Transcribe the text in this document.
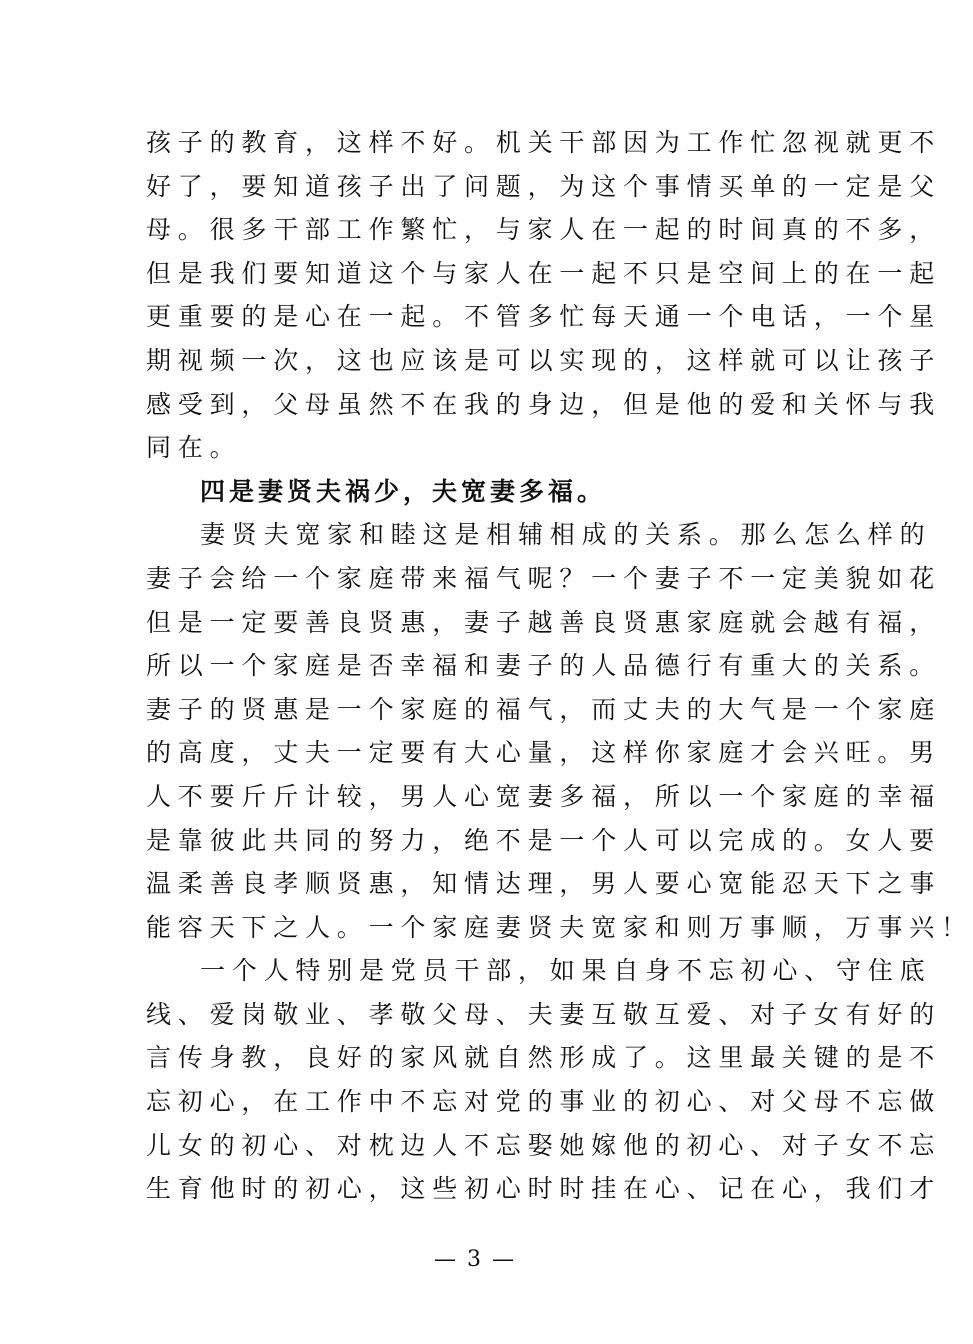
孩子的教育，这样不好。机关干部因为工作忙忽视就更不
好了，要知道孩子出了问题，为这个事情买单的一定是父
母。很多干部工作繁忙，与家人在一起的时间真的不多，
但是我们要知道这个与家人在一起不只是空间上的在一起
更重要的是心在一起。不管多忙每天通一个电话，一个星
期视频一次，这也应该是可以实现的，这样就可以让孩子
感受到，父母虽然不在我的身边，但是他的爱和关怀与我
同在。
四是妻贤夫祸少，夫宽妻多福。
妻贤夫宽家和睦这是相辅相成的关系。那么怎么样的
妻子会给一个家庭带来福气呢？一个妻子不一定美貌如花
但是一定要善良贤惠，妻子越善良贤惠家庭就会越有福，
所以一个家庭是否幸福和妻子的人品德行有重大的关系。
妻子的贤惠是一个家庭的福气，而丈夫的大气是一个家庭
的高度，丈夫一定要有大心量，这样你家庭才会兴旺。男
人不要斤斤计较，男人心宽妻多福，所以一个家庭的幸福
是靠彼此共同的努力，绝不是一个人可以完成的。女人要
温柔善良孝顺贤惠，知情达理，男人要心宽能忍天下之事
能容天下之人。一个家庭妻贤夫宽家和则万事顺，万事兴！
一个人特别是党员干部，如果自身不忘初心、守住底
线、爱岗敬业、孝敬父母、夫妻互敬互爱、对子女有好的
言传身教，良好的家风就自然形成了。这里最关键的是不
忘初心，在工作中不忘对党的事业的初心、对父母不忘做
儿女的初心、对枕边人不忘娶她嫁他的初心、对子女不忘
生育他时的初心，这些初心时时挂在心、记在心，我们才
— 3 —
